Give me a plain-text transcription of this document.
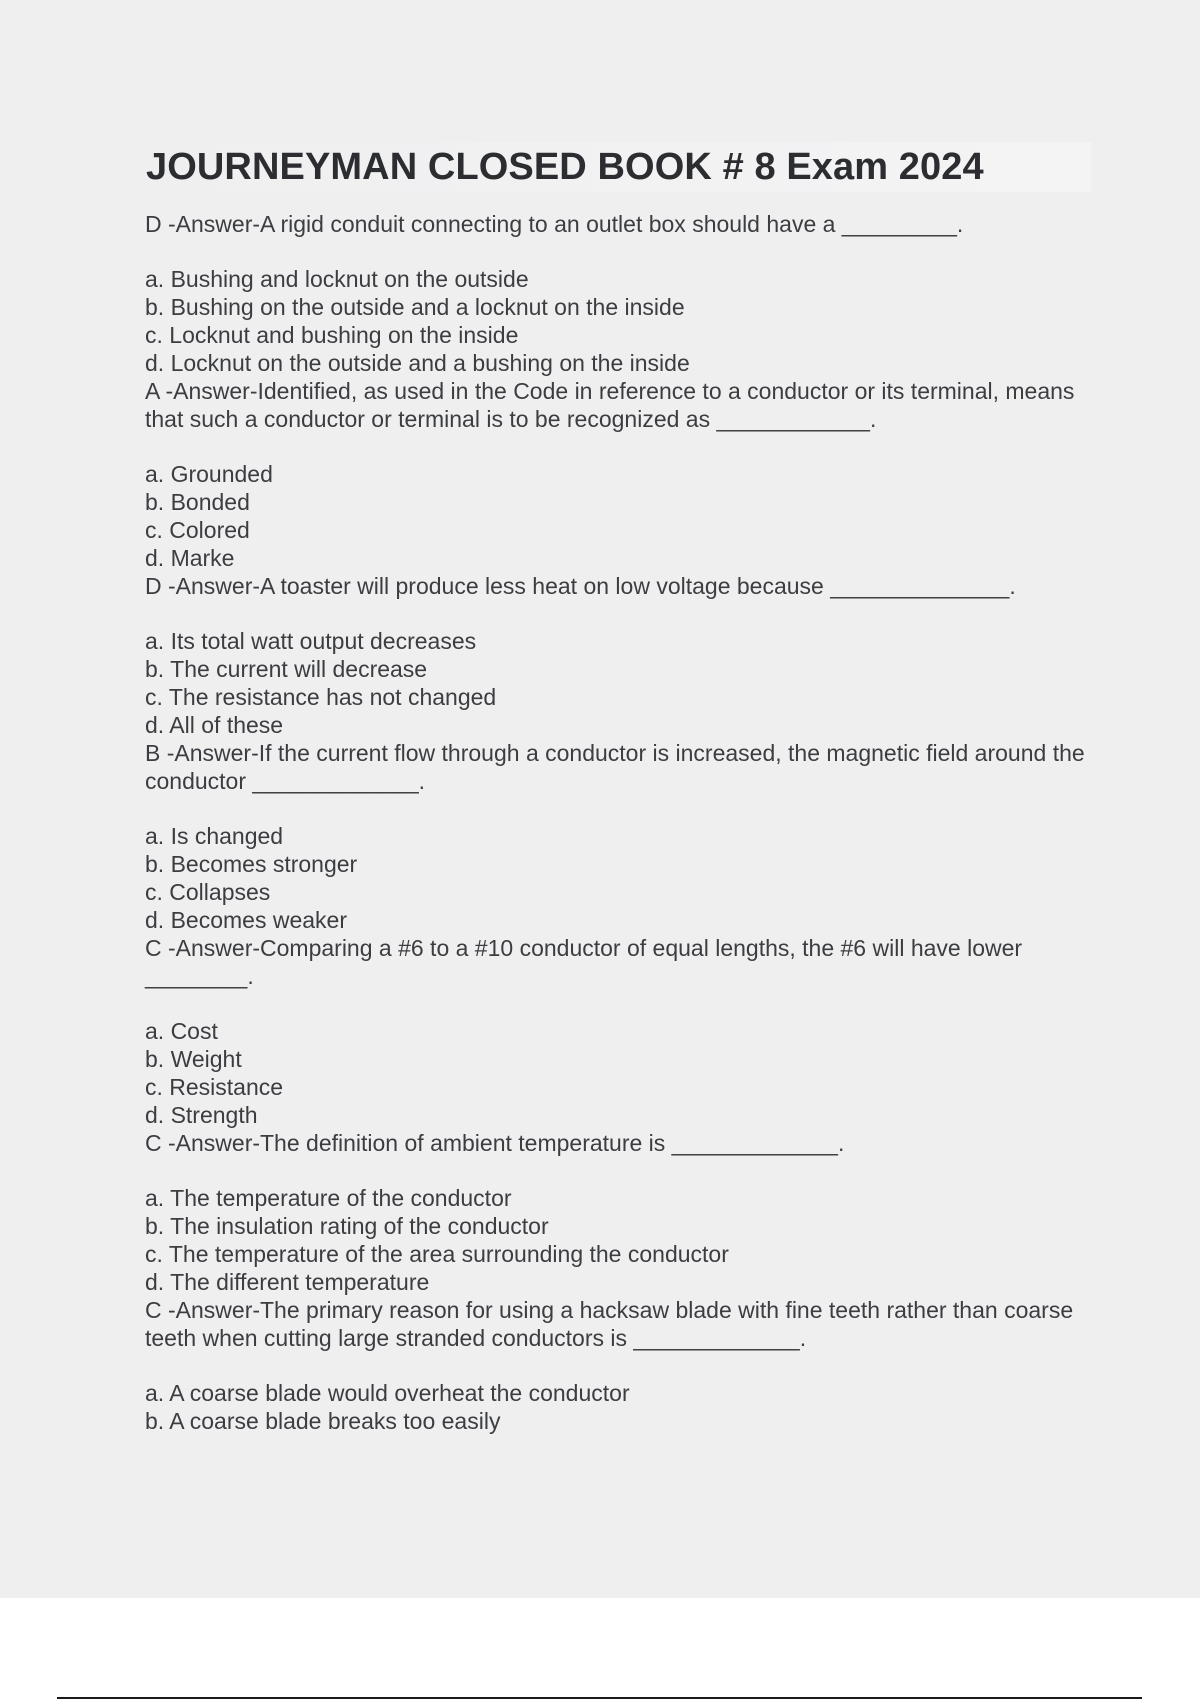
JOURNEYMAN CLOSED BOOK # 8 Exam 2024

D -Answer-A rigid conduit connecting to an outlet box should have a _________.

a. Bushing and locknut on the outside
b. Bushing on the outside and a locknut on the inside
c. Locknut and bushing on the inside
d. Locknut on the outside and a bushing on the inside

A -Answer-Identified, as used in the Code in reference to a conductor or its terminal, means that such a conductor or terminal is to be recognized as ____________.

a. Grounded
b. Bonded
c. Colored
d. Marke

D -Answer-A toaster will produce less heat on low voltage because ______________.

a. Its total watt output decreases
b. The current will decrease
c. The resistance has not changed
d. All of these

B -Answer-If the current flow through a conductor is increased, the magnetic field around the conductor _____________.

a. Is changed
b. Becomes stronger
c. Collapses
d. Becomes weaker

C -Answer-Comparing a #6 to a #10 conductor of equal lengths, the #6 will have lower ________.

a. Cost
b. Weight
c. Resistance
d. Strength

C -Answer-The definition of ambient temperature is _____________.

a. The temperature of the conductor
b. The insulation rating of the conductor
c. The temperature of the area surrounding the conductor
d. The different temperature

C -Answer-The primary reason for using a hacksaw blade with fine teeth rather than coarse teeth when cutting large stranded conductors is _____________.

a. A coarse blade would overheat the conductor
b. A coarse blade breaks too easily
